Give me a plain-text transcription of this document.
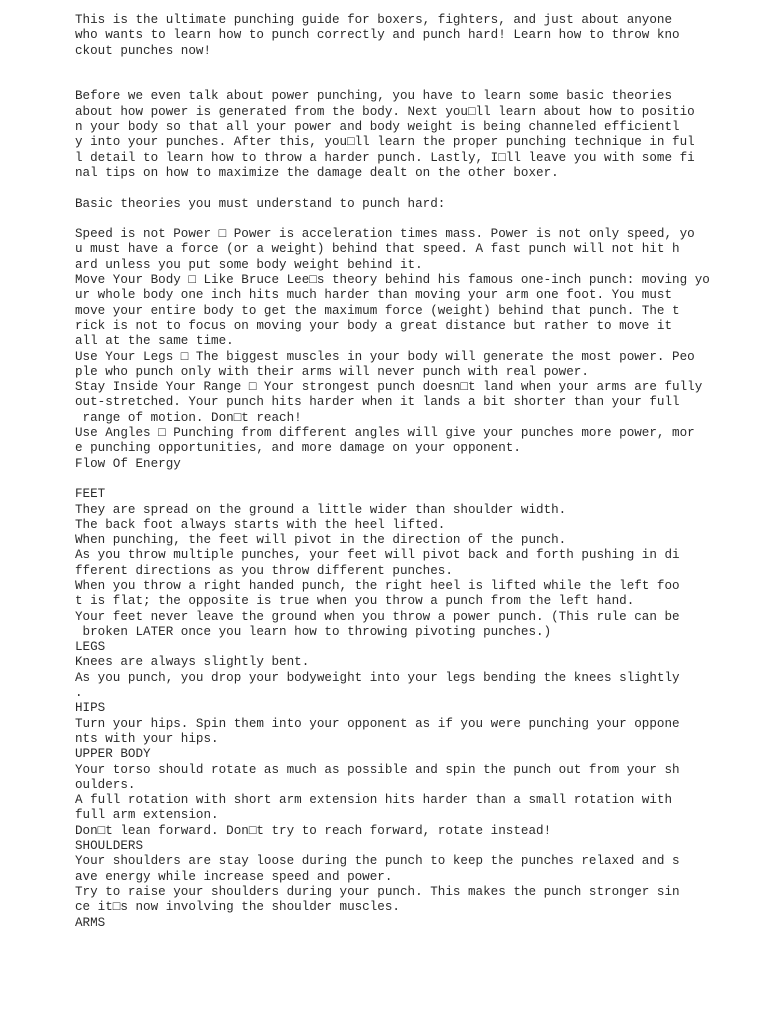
This is the ultimate punching guide for boxers, fighters, and just about anyone
who wants to learn how to punch correctly and punch hard! Learn how to throw kno
ckout punches now!
Before we even talk about power punching, you have to learn some basic theories
about how power is generated from the body. Next you□ll learn about how to positio
n your body so that all your power and body weight is being channeled efficientl
y into your punches. After this, you□ll learn the proper punching technique in ful
l detail to learn how to throw a harder punch. Lastly, I□ll leave you with some fi
nal tips on how to maximize the damage dealt on the other boxer.
Basic theories you must understand to punch hard:
Speed is not Power □ Power is acceleration times mass. Power is not only speed, yo
u must have a force (or a weight) behind that speed. A fast punch will not hit h
ard unless you put some body weight behind it.
Move Your Body □ Like Bruce Lee□s theory behind his famous one-inch punch: moving yo
ur whole body one inch hits much harder than moving your arm one foot. You must
move your entire body to get the maximum force (weight) behind that punch. The t
rick is not to focus on moving your body a great distance but rather to move it
all at the same time.
Use Your Legs □ The biggest muscles in your body will generate the most power. Peo
ple who punch only with their arms will never punch with real power.
Stay Inside Your Range □ Your strongest punch doesn□t land when your arms are fully
out-stretched. Your punch hits harder when it lands a bit shorter than your full
range of motion. Don□t reach!
Use Angles □ Punching from different angles will give your punches more power, mor
e punching opportunities, and more damage on your opponent.
Flow Of Energy
FEET
They are spread on the ground a little wider than shoulder width.
The back foot always starts with the heel lifted.
When punching, the feet will pivot in the direction of the punch.
As you throw multiple punches, your feet will pivot back and forth pushing in di
fferent directions as you throw different punches.
When you throw a right handed punch, the right heel is lifted while the left foo
t is flat; the opposite is true when you throw a punch from the left hand.
Your feet never leave the ground when you throw a power punch. (This rule can be
broken LATER once you learn how to throwing pivoting punches.)
LEGS
Knees are always slightly bent.
As you punch, you drop your bodyweight into your legs bending the knees slightly
.
HIPS
Turn your hips. Spin them into your opponent as if you were punching your oppone
nts with your hips.
UPPER BODY
Your torso should rotate as much as possible and spin the punch out from your sh
oulders.
A full rotation with short arm extension hits harder than a small rotation with
full arm extension.
Don□t lean forward. Don□t try to reach forward, rotate instead!
SHOULDERS
Your shoulders are stay loose during the punch to keep the punches relaxed and s
ave energy while increase speed and power.
Try to raise your shoulders during your punch. This makes the punch stronger sin
ce it□s now involving the shoulder muscles.
ARMS
